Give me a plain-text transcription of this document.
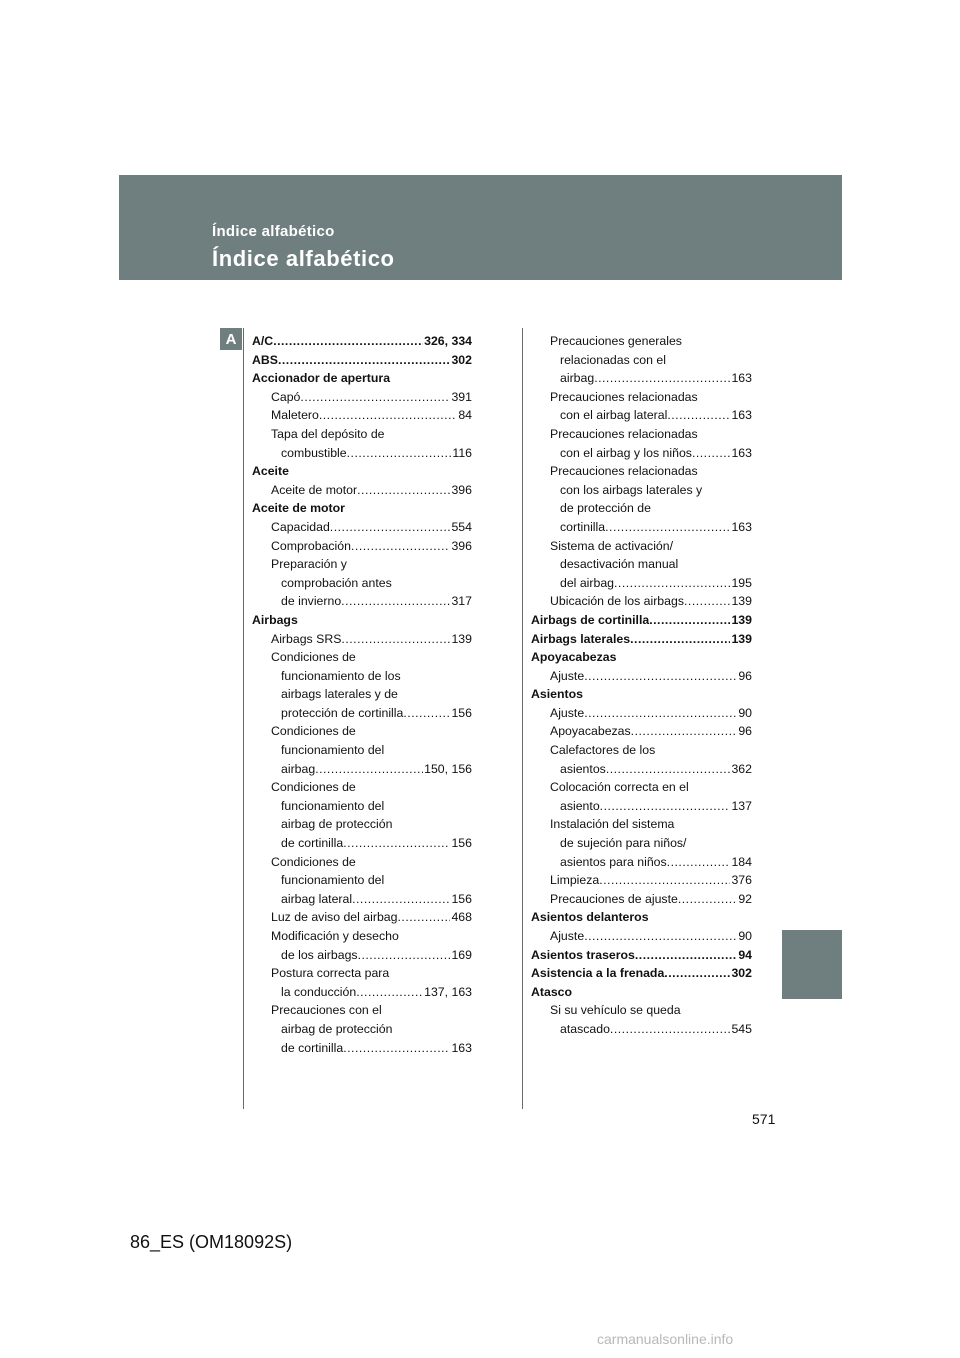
Índice alfabético
Índice alfabético
A	A/C .....	326, 334
ABS .....	302
Accionador de apertura
Capó .....	391
Maletero .....	84
Tapa del depósito de
combustible .....	116
Aceite
Aceite de motor .....	396
Aceite de motor
Capacidad .....	554
Comprobación .....	396
Preparación y
comprobación antes
de invierno .....	317
Airbags
Airbags SRS .....	139
Condiciones de
funcionamiento de los
airbags laterales y de
protección de cortinilla .....	156
Condiciones de
funcionamiento del
airbag .....	150, 156
Condiciones de
funcionamiento del
airbag de protección
de cortinilla .....	156
Condiciones de
funcionamiento del
airbag lateral .....	156
Luz de aviso del airbag .....	468
Modificación y desecho
de los airbags .....	169
Postura correcta para
la conducción .....	137, 163
Precauciones con el
airbag de protección
de cortinilla .....	163
Precauciones generales
relacionadas con el
airbag .....	163
Precauciones relacionadas
con el airbag lateral .....	163
Precauciones relacionadas
con el airbag y los niños .....	163
Precauciones relacionadas
con los airbags laterales y
de protección de
cortinilla .....	163
Sistema de activación/
desactivación manual
del airbag .....	195
Ubicación de los airbags .....	139
Airbags de cortinilla .....	139
Airbags laterales .....	139
Apoyacabezas
Ajuste .....	96
Asientos
Ajuste .....	90
Apoyacabezas .....	96
Calefactores de los
asientos .....	362
Colocación correcta en el
asiento .....	137
Instalación del sistema
de sujeción para niños/
asientos para niños .....	184
Limpieza .....	376
Precauciones de ajuste .....	92
Asientos delanteros
Ajuste .....	90
Asientos traseros .....	94
Asistencia a la frenada .....	302
Atasco
Si su vehículo se queda
atascado .....	545
571
86_ES (OM18092S)
carmanualsonline.info
